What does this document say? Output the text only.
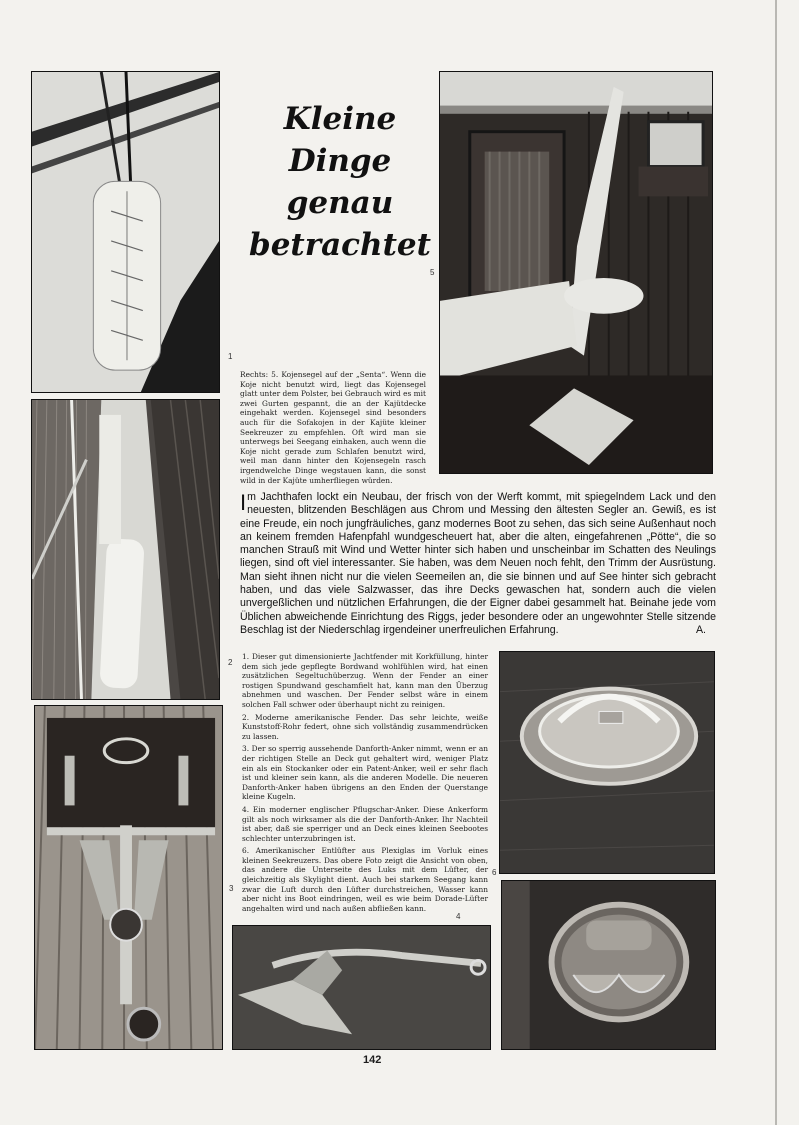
1
Kleine
Dinge
genau
betrachtet
5
Rechts: 5. Kojensegel auf der „Senta“. Wenn die Koje nicht benutzt wird, liegt das Kojensegel glatt unter dem Polster, bei Gebrauch wird es mit zwei Gurten gespannt, die an der Kajütdecke eingehakt werden. Kojensegel sind besonders auch für die Sofakojen in der Kajüte kleiner Seekreuzer zu empfehlen. Oft wird man sie unterwegs bei Seegang einhaken, auch wenn die Koje nicht gerade zum Schlafen benutzt wird, weil man dann hinter den Kojensegeln rasch irgendwelche Dinge wegstauen kann, die sonst wild in der Kajüte umherfliegen würden.
2
Im Jachthafen lockt ein Neubau, der frisch von der Werft kommt, mit spiegelndem Lack und den neuesten, blitzenden Beschlägen aus Chrom und Messing den ältesten Segler an. Gewiß, es ist eine Freude, ein noch jungfräuliches, ganz modernes Boot zu sehen, das sich seine Außenhaut noch an keinem fremden Hafenpfahl wundgescheuert hat, aber die alten, eingefahrenen „Pötte“, die so manchen Strauß mit Wind und Wetter hinter sich haben und unscheinbar im Schatten des Neulings liegen, sind oft viel interessanter. Sie haben, was dem Neuen noch fehlt, den Trimm der Ausrüstung. Man sieht ihnen nicht nur die vielen Seemeilen an, die sie binnen und auf See hinter sich gebracht haben, und das viele Salzwasser, das ihre Decks gewaschen hat, sondern auch die vielen unvergeßlichen und nützlichen Erfahrungen, die der Eigner dabei gesammelt hat. Beinahe jede vom Üblichen abweichende Einrichtung des Riggs, jeder besondere oder an ungewohnter Stelle sitzende Beschlag ist der Niederschlag irgendeiner unerfreulichen Erfahrung.	A.
3

1. Dieser gut dimensionierte Jachtfender mit Korkfüllung, hinter dem sich jede gepflegte Bordwand wohlfühlen wird, hat einen zusätzlichen Segeltuchüberzug. Wenn der Fender an einer rostigen Spundwand geschamfielt hat, kann man den Überzug abnehmen und waschen. Der Fender selbst wäre in einem solchen Fall schwer oder überhaupt nicht zu reinigen.

2. Moderne amerikanische Fender. Das sehr leichte, weiße Kunststoff-Rohr federt, ohne sich vollständig zusammendrücken zu lassen.

3. Der so sperrig aussehende Danforth-Anker nimmt, wenn er an der richtigen Stelle an Deck gut gehaltert wird, weniger Platz ein als ein Stockanker oder ein Patent-Anker, weil er sehr flach ist und kleiner sein kann, als die anderen Modelle. Die neueren Danforth-Anker haben übrigens an den Enden der Querstange kleine Kugeln.

4. Ein moderner englischer Pflugschar-Anker. Diese Ankerform gilt als noch wirksamer als die der Danforth-Anker. Ihr Nachteil ist aber, daß sie sperriger und an Deck eines kleinen Seebootes schlechter unterzubringen ist.

6. Amerikanischer Entlüfter aus Plexiglas im Vorluk eines kleinen Seekreuzers. Das obere Foto zeigt die Ansicht von oben, das andere die Unterseite des Luks mit dem Lüfter, der gleichzeitig als Skylight dient. Auch bei starkem Seegang kann zwar die Luft durch den Lüfter durchstreichen, Wasser kann aber nicht ins Boot eindringen, weil es wie beim Dorade-Lüfter angehalten wird und nach außen abfließen kann.

6
4
142
